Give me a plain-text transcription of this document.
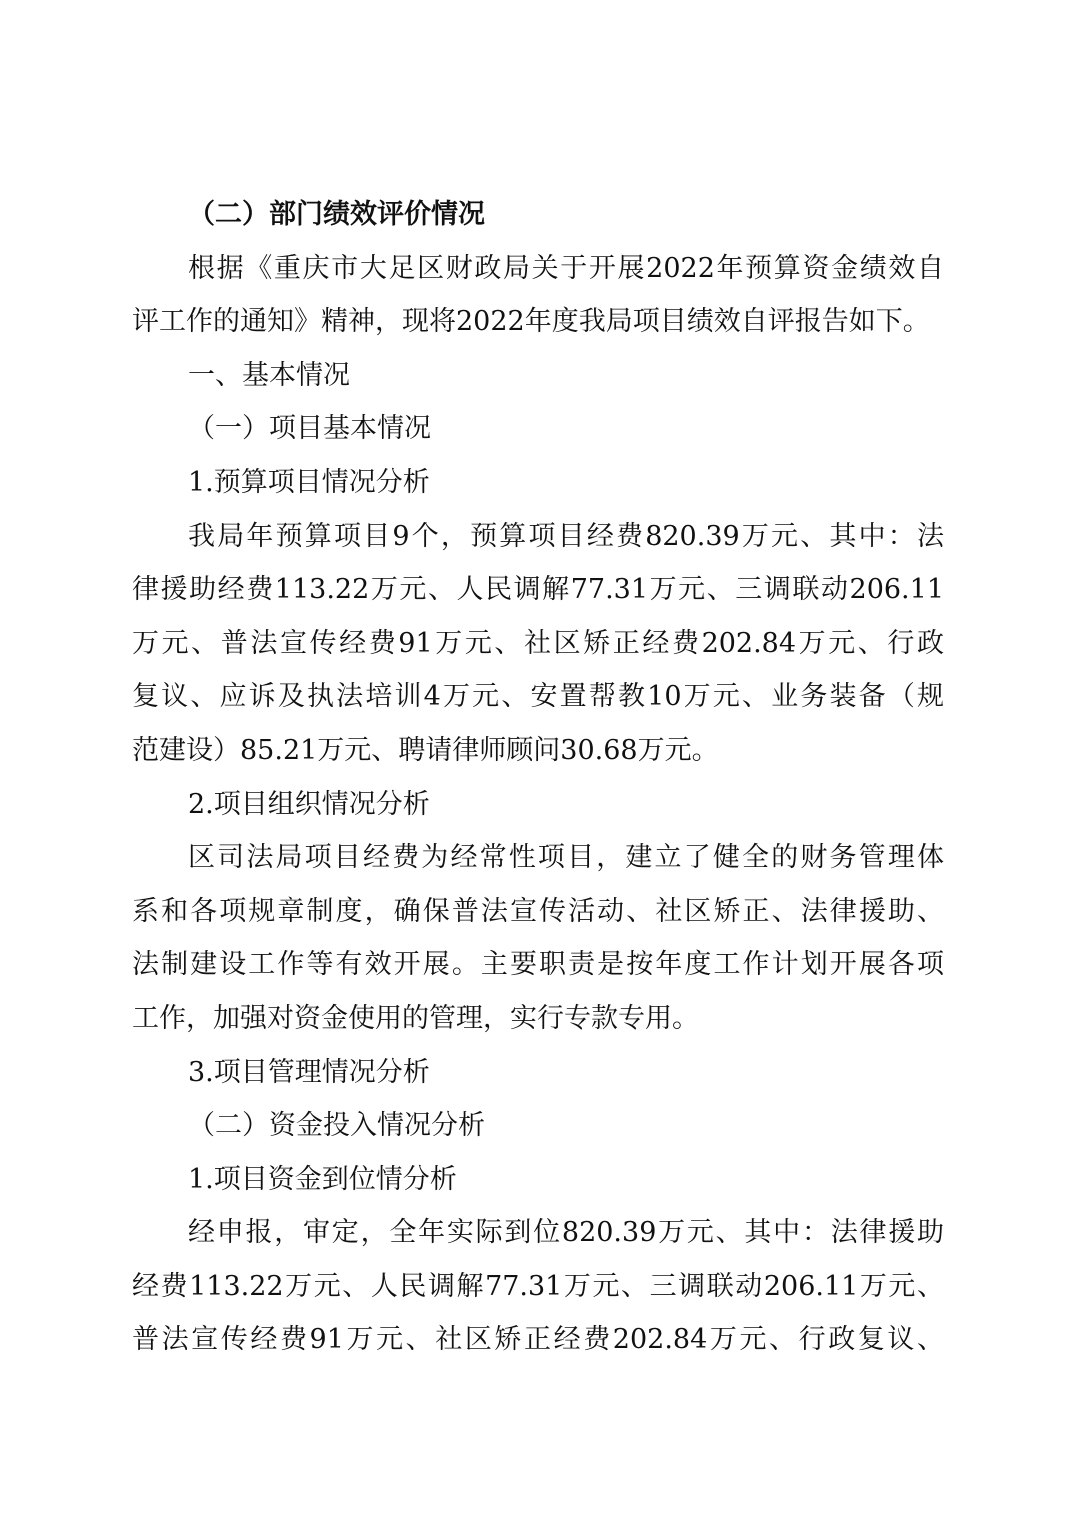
（二）部门绩效评价情况
根据《重庆市大足区财政局关于开展2022年预算资金绩效自
评工作的通知》精神，现将2022年度我局项目绩效自评报告如下。
一、基本情况
（一）项目基本情况
1.预算项目情况分析
我局年预算项目9个，预算项目经费820.39万元、其中：法
律援助经费113.22万元、人民调解77.31万元、三调联动206.11
万元、普法宣传经费91万元、社区矫正经费202.84万元、行政
复议、应诉及执法培训4万元、安置帮教10万元、业务装备（规
范建设）85.21万元、聘请律师顾问30.68万元。
2.项目组织情况分析
区司法局项目经费为经常性项目，建立了健全的财务管理体
系和各项规章制度，确保普法宣传活动、社区矫正、法律援助、
法制建设工作等有效开展。主要职责是按年度工作计划开展各项
工作，加强对资金使用的管理，实行专款专用。
3.项目管理情况分析
（二）资金投入情况分析
1.项目资金到位情分析
经申报，审定，全年实际到位820.39万元、其中：法律援助
经费113.22万元、人民调解77.31万元、三调联动206.11万元、
普法宣传经费91万元、社区矫正经费202.84万元、行政复议、
